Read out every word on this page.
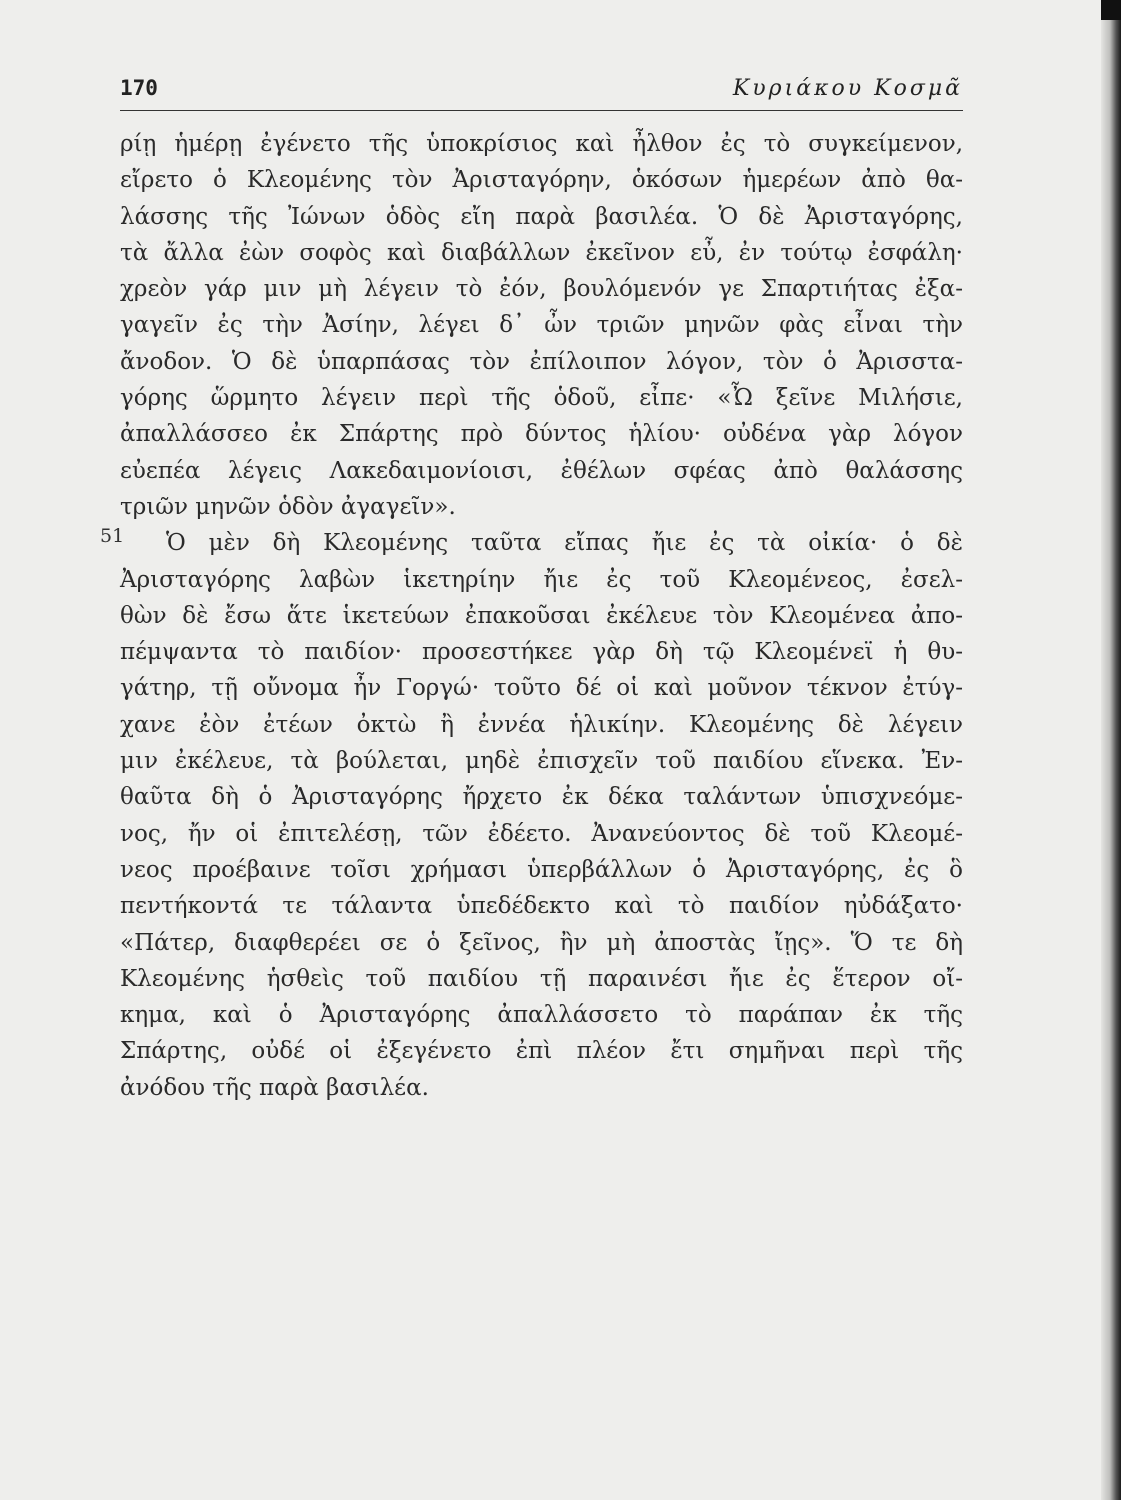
170	Κυριάκου Κοσμᾶ
ρίῃ ἡμέρῃ ἐγένετο τῆς ὑποκρίσιος καὶ ἦλθον ἐς τὸ συγκείμενον,
εἴρετο ὁ Κλεομένης τὸν Ἀρισταγόρην, ὁκόσων ἡμερέων ἀπὸ θα-
λάσσης τῆς Ἰώνων ὁδὸς εἴη παρὰ βασιλέα. Ὁ δὲ Ἀρισταγόρης,
τὰ ἄλλα ἐὼν σοφὸς καὶ διαβάλλων ἐκεῖνον εὖ, ἐν τούτῳ ἐσφάλη·
χρεὸν γάρ μιν μὴ λέγειν τὸ ἐόν, βουλόμενόν γε Σπαρτιήτας ἐξα-
γαγεῖν ἐς τὴν Ἀσίην, λέγει δ᾽ ὦν τριῶν μηνῶν φὰς εἶναι τὴν
ἄνοδον. Ὁ δὲ ὑπαρπάσας τὸν ἐπίλοιπον λόγον, τὸν ὁ Ἀρισστα-
γόρης ὥρμητο λέγειν περὶ τῆς ὁδοῦ, εἶπε· «Ὦ ξεῖνε Μιλήσιε,
ἀπαλλάσσεο ἐκ Σπάρτης πρὸ δύντος ἡλίου· οὐδένα γὰρ λόγον
εὐεπέα λέγεις Λακεδαιμονίοισι, ἐθέλων σφέας ἀπὸ θαλάσσης
τριῶν μηνῶν ὁδὸν ἀγαγεῖν».
51	Ὁ μὲν δὴ Κλεομένης ταῦτα εἴπας ἤιε ἐς τὰ οἰκία· ὁ δὲ
Ἀρισταγόρης λαβὼν ἱκετηρίην ἤιε ἐς τοῦ Κλεομένεος, ἐσελ-
θὼν δὲ ἔσω ἅτε ἱκετεύων ἐπακοῦσαι ἐκέλευε τὸν Κλεομένεα ἀπο-
πέμψαντα τὸ παιδίον· προσεστήκεε γὰρ δὴ τῷ Κλεομένεϊ ἡ θυ-
γάτηρ, τῇ οὔνομα ἦν Γοργώ· τοῦτο δέ οἱ καὶ μοῦνον τέκνον ἐτύγ-
χανε ἐὸν ἐτέων ὀκτὼ ἢ ἐννέα ἡλικίην. Κλεομένης δὲ λέγειν
μιν ἐκέλευε, τὰ βούλεται, μηδὲ ἐπισχεῖν τοῦ παιδίου εἵνεκα. Ἐν-
θαῦτα δὴ ὁ Ἀρισταγόρης ἤρχετο ἐκ δέκα ταλάντων ὑπισχνεόμε-
νος, ἤν οἱ ἐπιτελέσῃ, τῶν ἐδέετο. Ἀνανεύοντος δὲ τοῦ Κλεομέ-
νεος προέβαινε τοῖσι χρήμασι ὑπερβάλλων ὁ Ἀρισταγόρης, ἐς ὃ
πεντήκοντά τε τάλαντα ὑπεδέδεκτο καὶ τὸ παιδίον ηὐδάξατο·
«Πάτερ, διαφθερέει σε ὁ ξεῖνος, ἢν μὴ ἀποστὰς ἴῃς». Ὅ τε δὴ
Κλεομένης ἡσθεὶς τοῦ παιδίου τῇ παραινέσι ἤιε ἐς ἕτερον οἴ-
κημα, καὶ ὁ Ἀρισταγόρης ἀπαλλάσσετο τὸ παράπαν ἐκ τῆς
Σπάρτης, οὐδέ οἱ ἐξεγένετο ἐπὶ πλέον ἔτι σημῆναι περὶ τῆς
ἀνόδου τῆς παρὰ βασιλέα.
